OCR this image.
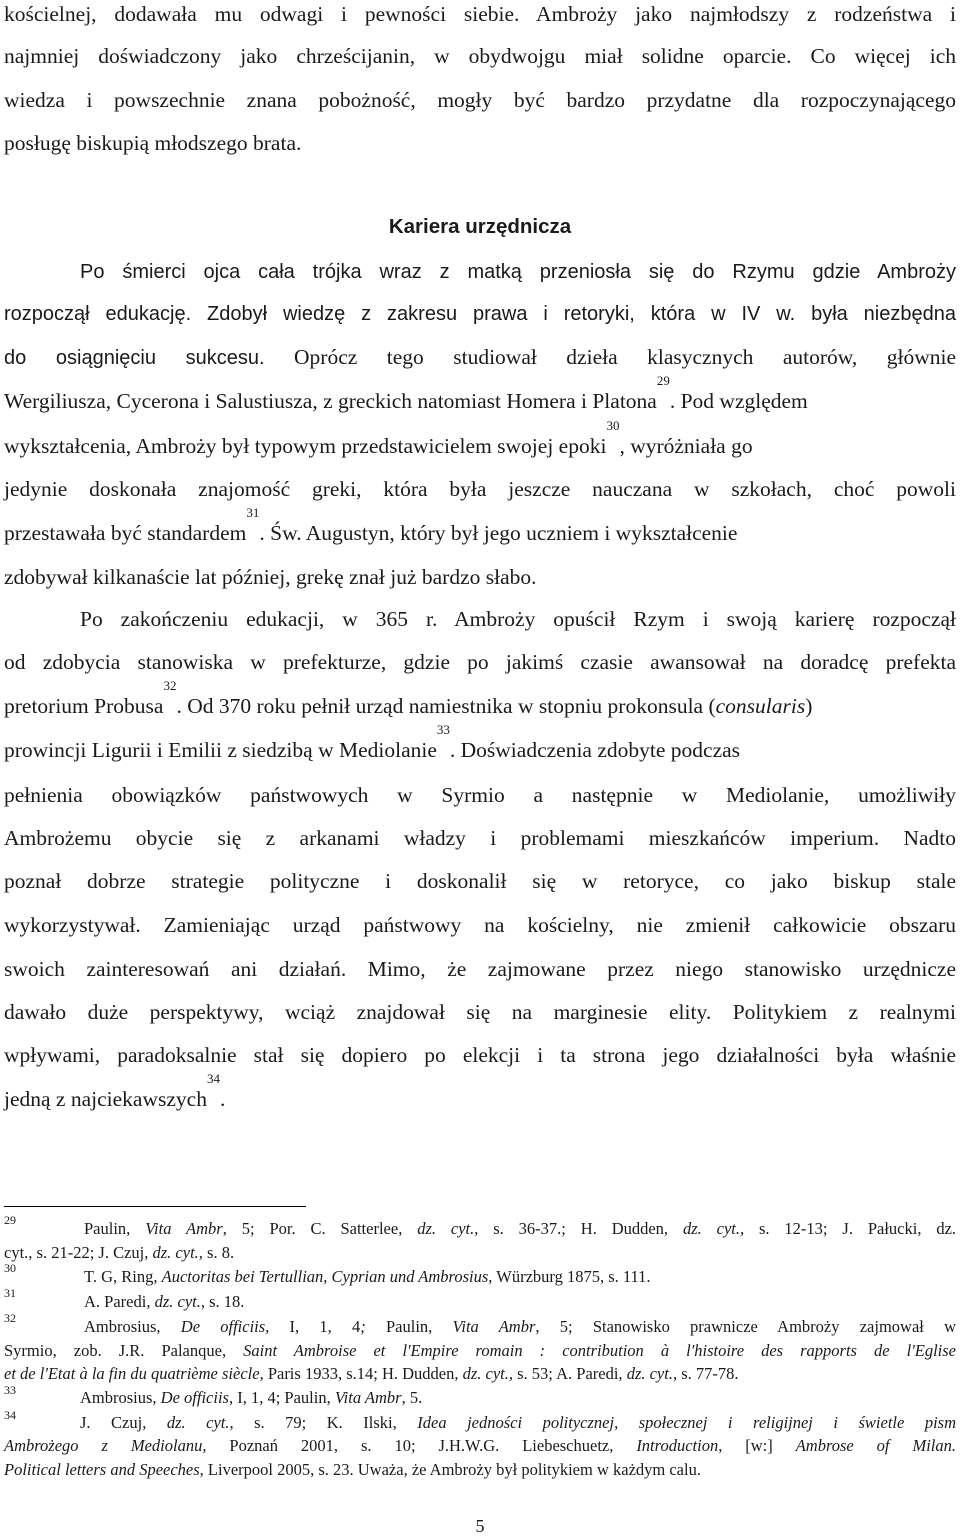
kościelnej, dodawała mu odwagi i pewności siebie. Ambroży jako najmłodszy z rodzeństwa i
najmniej doświadczony jako chrześcijanin, w obydwojgu miał solidne oparcie. Co więcej ich
wiedza i powszechnie znana pobożność, mogły być bardzo przydatne dla rozpoczynającego
posługę biskupią młodszego brata.
Kariera urzędnicza
Po śmierci ojca cała trójka wraz z matką przeniosła się do Rzymu gdzie Ambroży
rozpoczął edukację. Zdobył wiedzę z zakresu prawa i retoryki, która w IV w. była niezbędna
do osiągnięciu sukcesu. Oprócz tego studiował dzieła klasycznych autorów, głównie
Wergiliusza, Cycerona i Salustiusza, z greckich natomiast Homera i Platona$^{29}$. Pod względem
wykształcenia, Ambroży był typowym przedstawicielem swojej epoki$^{30}$, wyróżniała go
jedynie doskonała znajomość greki, która była jeszcze nauczana w szkołach, choć powoli
przestawała być standardem$^{31}$. Św. Augustyn, który był jego uczniem i wykształcenie
zdobywał kilkanaście lat później, grekę znał już bardzo słabo.
Po zakończeniu edukacji, w 365 r. Ambroży opuścił Rzym i swoją karierę rozpoczął
od zdobycia stanowiska w prefekturze, gdzie po jakimś czasie awansował na doradcę prefekta
pretorium Probusa$^{32}$. Od 370 roku pełnił urząd namiestnika w stopniu prokonsula (consularis)
prowincji Ligurii i Emilii z siedzibą w Mediolanie$^{33}$. Doświadczenia zdobyte podczas
pełnienia obowiązków państwowych w Syrmio a następnie w Mediolanie, umożliwiły
Ambrożemu obycie się z arkanami władzy i problemami mieszkańców imperium. Nadto
poznał dobrze strategie polityczne i doskonalił się w retoryce, co jako biskup stale
wykorzystywał. Zamieniając urząd państwowy na kościelny, nie zmienił całkowicie obszaru
swoich zainteresowań ani działań. Mimo, że zajmowane przez niego stanowisko urzędnicze
dawało duże perspektywy, wciąż znajdował się na marginesie elity. Politykiem z realnymi
wpływami, paradoksalnie stał się dopiero po elekcji i ta strona jego działalności była właśnie
jedną z najciekawszych$^{34}$.
29	Paulin, Vita Ambr, 5; Por. C. Satterlee, dz. cyt., s. 36-37.; H. Dudden, dz. cyt., s. 12-13; J. Pałucki, dz.
cyt., s. 21-22; J. Czuj, dz. cyt., s. 8.
30	T. G, Ring, Auctoritas bei Tertullian, Cyprian und Ambrosius, Würzburg 1875, s. 111.
31	A. Paredi, dz. cyt., s. 18.
32	Ambrosius, De officiis, I, 1, 4; Paulin, Vita Ambr, 5; Stanowisko prawnicze Ambroży zajmował w
Syrmio, zob. J.R. Palanque, Saint Ambroise et l'Empire romain : contribution à l'histoire des rapports de l'Eglise
et de l'Etat à la fin du quatrième siècle, Paris 1933, s.14; H. Dudden, dz. cyt., s. 53; A. Paredi, dz. cyt., s. 77-78.
33	Ambrosius, De officiis, I, 1, 4; Paulin, Vita Ambr, 5.
34	J. Czuj, dz. cyt., s. 79; K. Ilski, Idea jedności politycznej, społecznej i religijnej i świetle pism
Ambrożego z Mediolanu, Poznań 2001, s. 10; J.H.W.G. Liebeschuetz, Introduction, [w:] Ambrose of Milan.
Political letters and Speeches, Liverpool 2005, s. 23. Uważa, że Ambroży był politykiem w każdym calu.
5
